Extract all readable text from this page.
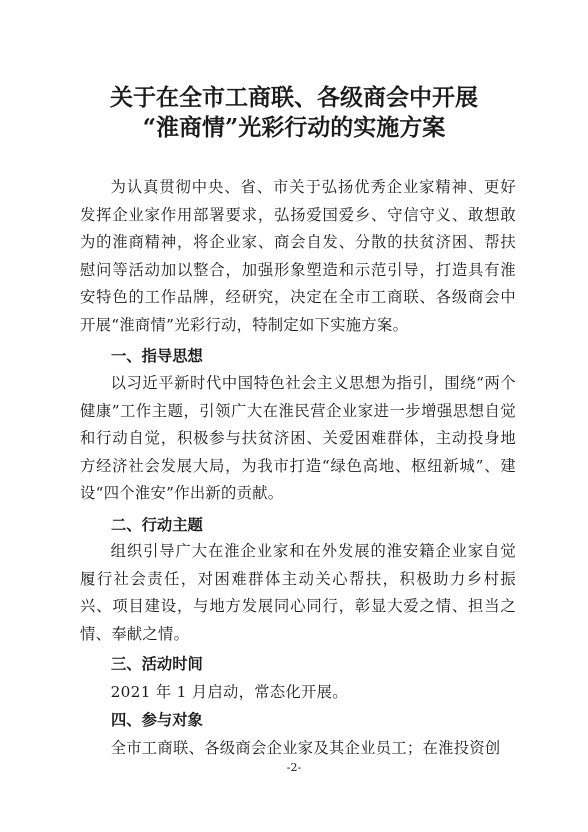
关于在全市工商联、各级商会中开展
“淮商情”光彩行动的实施方案

为认真贯彻中央、省、市关于弘扬优秀企业家精神、更好发挥企业家作用部署要求，弘扬爱国爱乡、守信守义、敢想敢为的淮商精神，将企业家、商会自发、分散的扶贫济困、帮扶慰问等活动加以整合，加强形象塑造和示范引导，打造具有淮安特色的工作品牌，经研究，决定在全市工商联、各级商会中开展“淮商情”光彩行动，特制定如下实施方案。

一、指导思想

以习近平新时代中国特色社会主义思想为指引，围绕“两个健康”工作主题，引领广大在淮民营企业家进一步增强思想自觉和行动自觉，积极参与扶贫济困、关爱困难群体，主动投身地方经济社会发展大局，为我市打造“绿色高地、枢纽新城”、建设“四个淮安”作出新的贡献。

二、行动主题

组织引导广大在淮企业家和在外发展的淮安籍企业家自觉履行社会责任，对困难群体主动关心帮扶，积极助力乡村振兴、项目建设，与地方发展同心同行，彰显大爱之情、担当之情、奉献之情。

三、活动时间

2021 年 1 月启动，常态化开展。

四、参与对象

全市工商联、各级商会企业家及其企业员工；在淮投资创

-2-
